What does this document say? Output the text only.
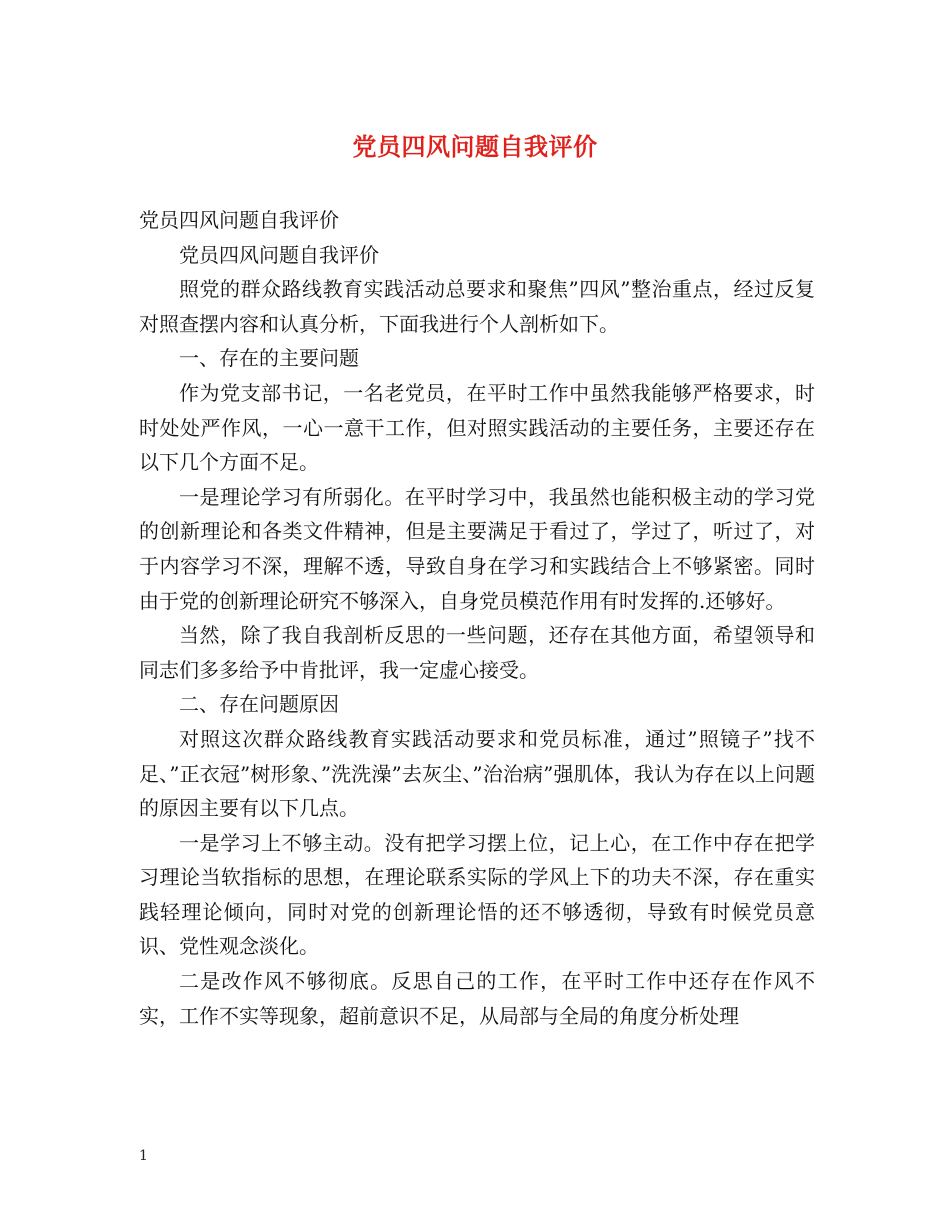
党员四风问题自我评价

党员四风问题自我评价

党员四风问题自我评价

照党的群众路线教育实践活动总要求和聚焦”四风”整治重点，经过反复对照查摆内容和认真分析，下面我进行个人剖析如下。

一、存在的主要问题

作为党支部书记，一名老党员，在平时工作中虽然我能够严格要求，时时处处严作风，一心一意干工作，但对照实践活动的主要任务，主要还存在以下几个方面不足。

一是理论学习有所弱化。在平时学习中，我虽然也能积极主动的学习党的创新理论和各类文件精神，但是主要满足于看过了，学过了，听过了，对于内容学习不深，理解不透，导致自身在学习和实践结合上不够紧密。同时由于党的创新理论研究不够深入，自身党员模范作用有时发挥的.还够好。

当然，除了我自我剖析反思的一些问题，还存在其他方面，希望领导和同志们多多给予中肯批评，我一定虚心接受。

二、存在问题原因

对照这次群众路线教育实践活动要求和党员标准，通过”照镜子”找不足、”正衣冠”树形象、”洗洗澡”去灰尘、”治治病”强肌体，我认为存在以上问题的原因主要有以下几点。

一是学习上不够主动。没有把学习摆上位，记上心，在工作中存在把学习理论当软指标的思想，在理论联系实际的学风上下的功夫不深，存在重实践轻理论倾向，同时对党的创新理论悟的还不够透彻，导致有时候党员意识、党性观念淡化。

二是改作风不够彻底。反思自己的工作，在平时工作中还存在作风不实，工作不实等现象，超前意识不足，从局部与全局的角度分析处理

1
